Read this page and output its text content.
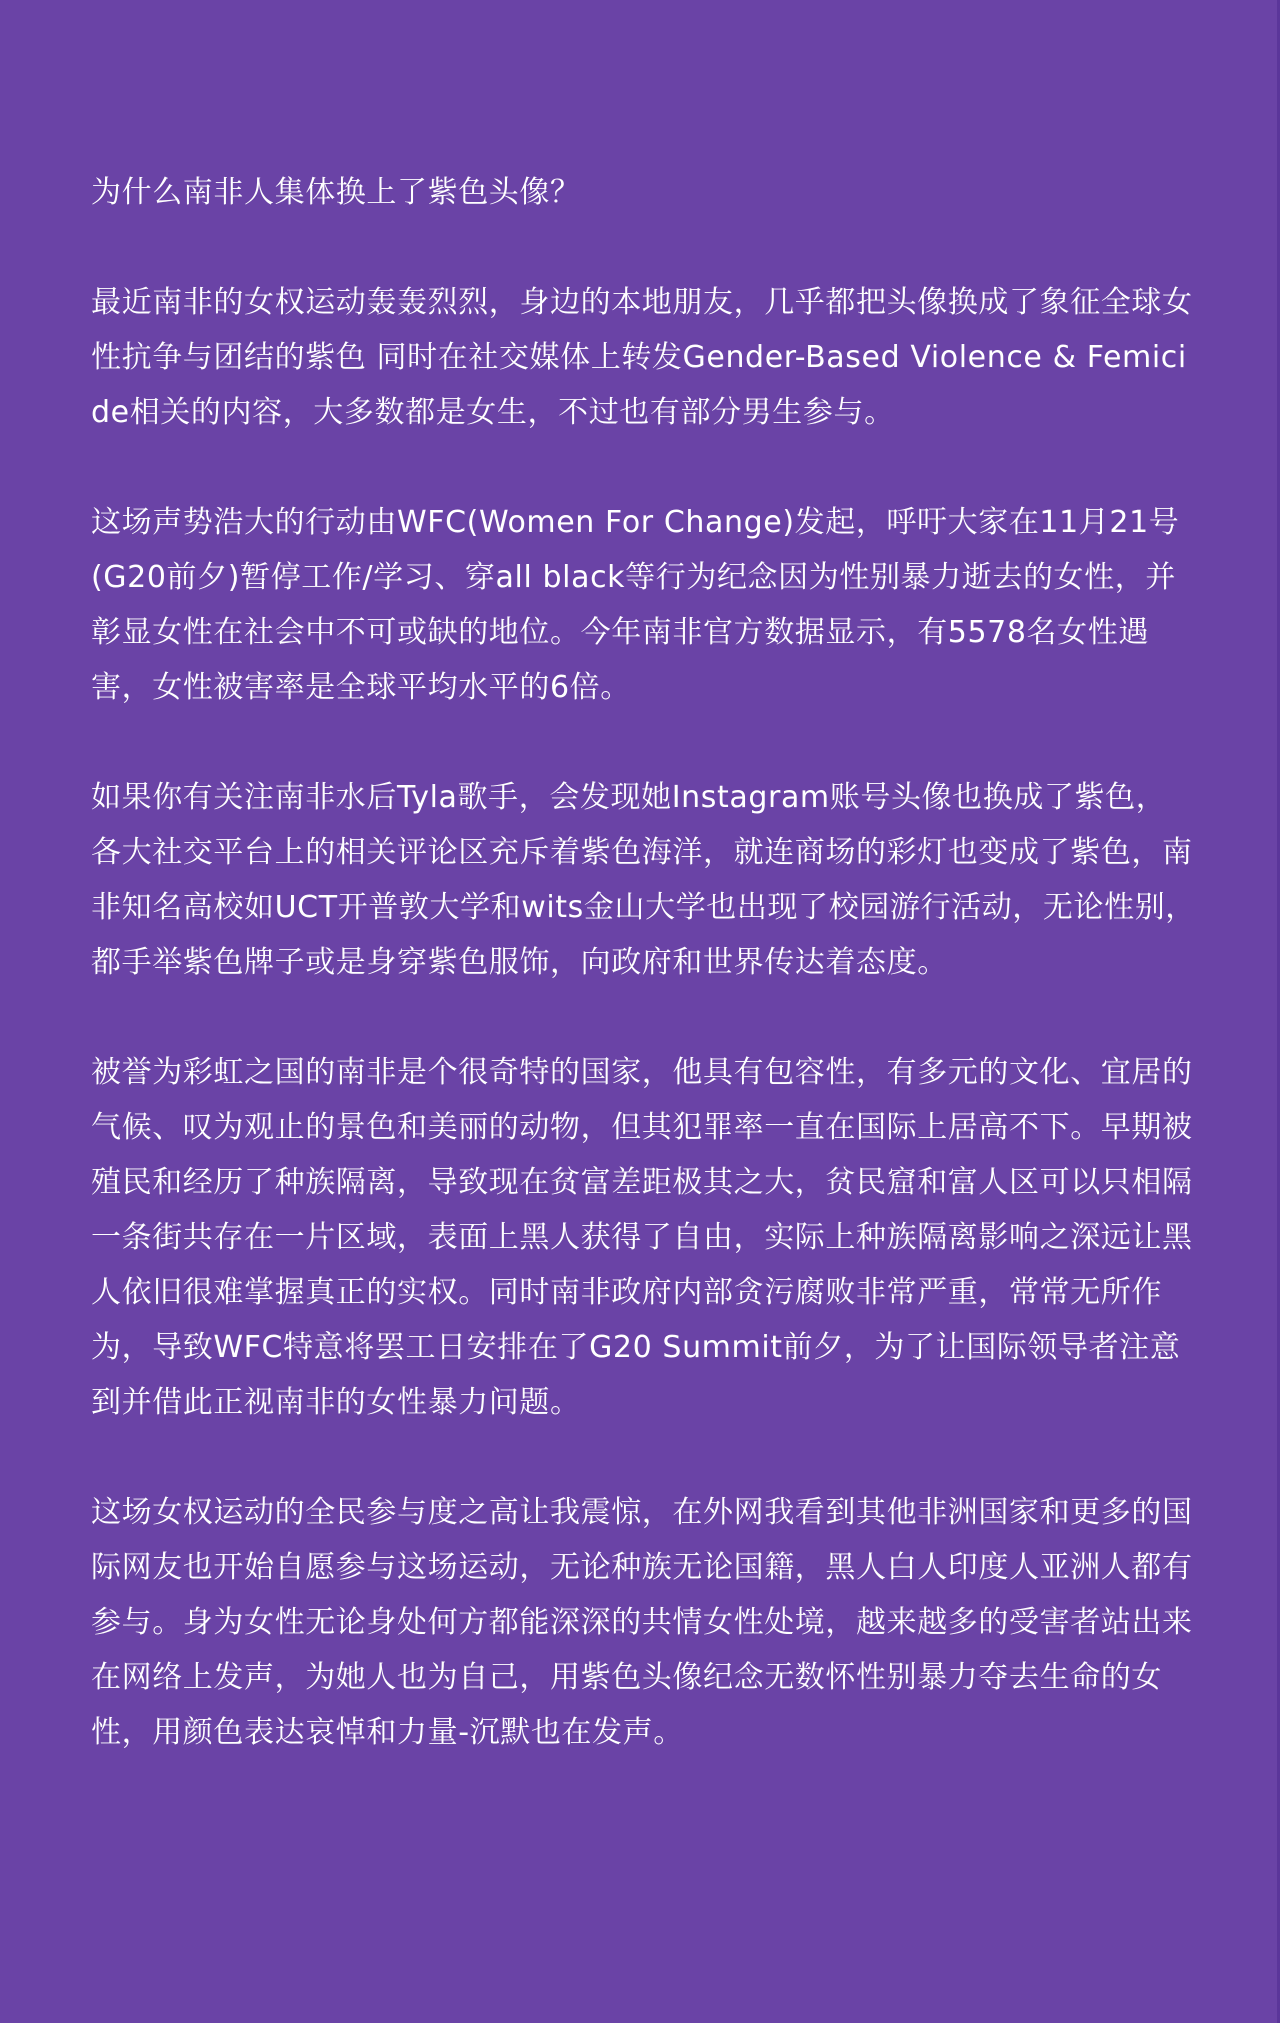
为什么南非人集体换上了紫色头像？

最近南非的女权运动轰轰烈烈，身边的本地朋友，几乎都把头像换成了象征全球女性抗争与团结的紫色 同时在社交媒体上转发Gender-Based Violence & Femicide相关的内容，大多数都是女生，不过也有部分男生参与。

这场声势浩大的行动由WFC(Women For Change)发起，呼吁大家在11月21号(G20前夕)暂停工作/学习、穿all black等行为纪念因为性别暴力逝去的女性，并彰显女性在社会中不可或缺的地位。今年南非官方数据显示，有5578名女性遇害，女性被害率是全球平均水平的6倍。

如果你有关注南非水后Tyla歌手，会发现她Instagram账号头像也换成了紫色，各大社交平台上的相关评论区充斥着紫色海洋，就连商场的彩灯也变成了紫色，南非知名高校如UCT开普敦大学和wits金山大学也出现了校园游行活动，无论性别，都手举紫色牌子或是身穿紫色服饰，向政府和世界传达着态度。

被誉为彩虹之国的南非是个很奇特的国家，他具有包容性，有多元的文化、宜居的气候、叹为观止的景色和美丽的动物，但其犯罪率一直在国际上居高不下。早期被殖民和经历了种族隔离，导致现在贫富差距极其之大，贫民窟和富人区可以只相隔一条街共存在一片区域，表面上黑人获得了自由，实际上种族隔离影响之深远让黑人依旧很难掌握真正的实权。同时南非政府内部贪污腐败非常严重，常常无所作为，导致WFC特意将罢工日安排在了G20 Summit前夕，为了让国际领导者注意到并借此正视南非的女性暴力问题。

这场女权运动的全民参与度之高让我震惊，在外网我看到其他非洲国家和更多的国际网友也开始自愿参与这场运动，无论种族无论国籍，黑人白人印度人亚洲人都有参与。身为女性无论身处何方都能深深的共情女性处境，越来越多的受害者站出来在网络上发声，为她人也为自己，用紫色头像纪念无数怀性别暴力夺去生命的女性，用颜色表达哀悼和力量-沉默也在发声。
